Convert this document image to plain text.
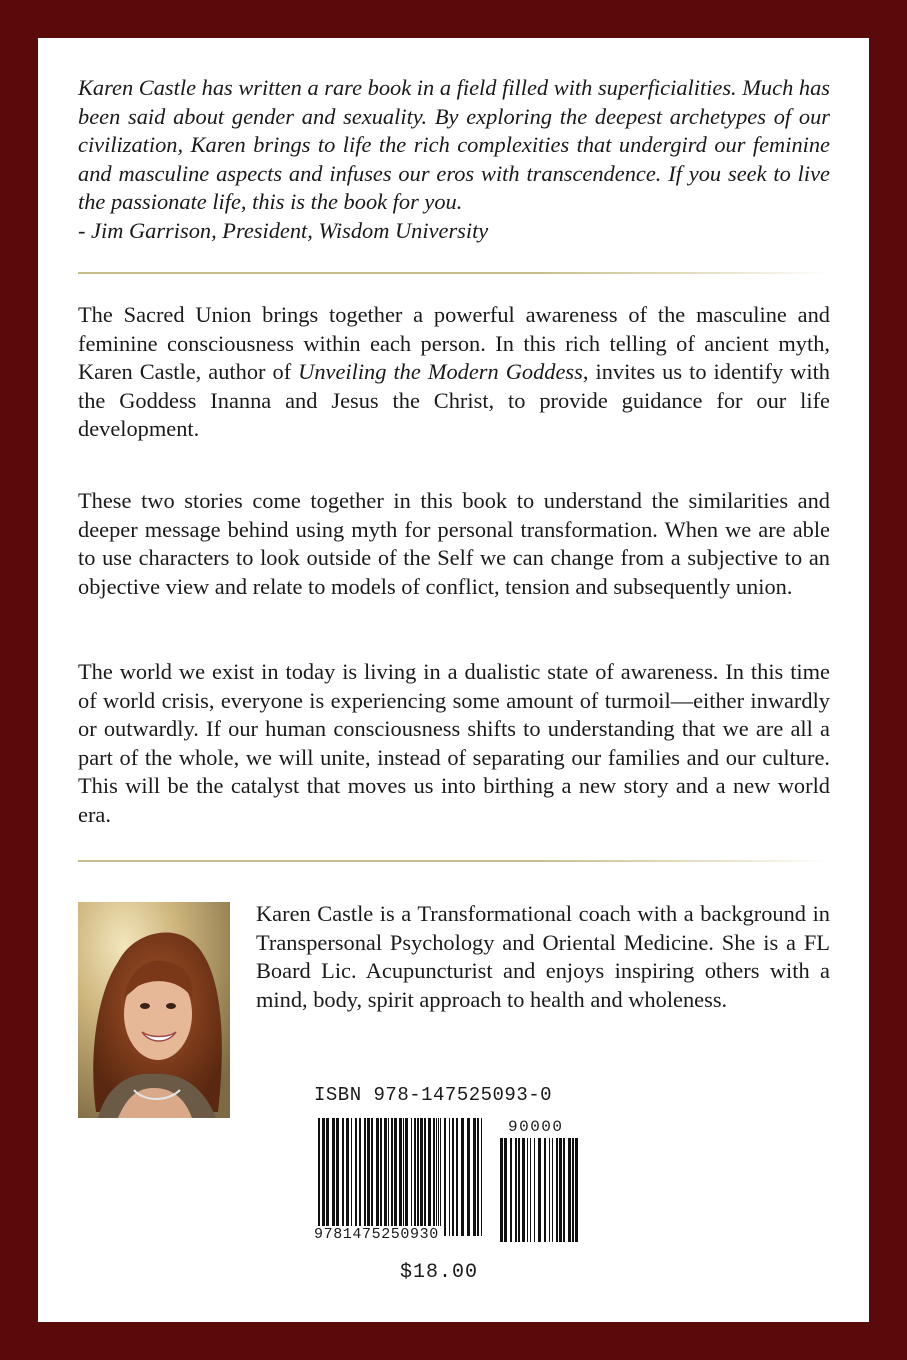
Karen Castle has written a rare book in a field filled with superficialities. Much has been said about gender and sexuality. By exploring the deepest archetypes of our civilization, Karen brings to life the rich complexities that undergird our feminine and masculine aspects and infuses our eros with transcendence. If you seek to live the passionate life, this is the book for you.
- Jim Garrison, President, Wisdom University

The Sacred Union brings together a powerful awareness of the masculine and feminine consciousness within each person. In this rich telling of ancient myth, Karen Castle, author of Unveiling the Modern Goddess, invites us to identify with the Goddess Inanna and Jesus the Christ, to provide guidance for our life development.

These two stories come together in this book to understand the similarities and deeper message behind using myth for personal transformation. When we are able to use characters to look outside of the Self we can change from a subjective to an objective view and relate to models of conflict, tension and subsequently union.

The world we exist in today is living in a dualistic state of awareness. In this time of world crisis, everyone is experiencing some amount of turmoil—either inwardly or outwardly. If our human consciousness shifts to understanding that we are all a part of the whole, we will unite, instead of separating our families and our culture. This will be the catalyst that moves us into birthing a new story and a new world era.

Karen Castle is a Transformational coach with a background in Transpersonal Psychology and Oriental Medicine. She is a FL Board Lic. Acupuncturist and enjoys inspiring others with a mind, body, spirit approach to health and wholeness.

ISBN 978-147525093-0

90000

9781475250930

$18.00
